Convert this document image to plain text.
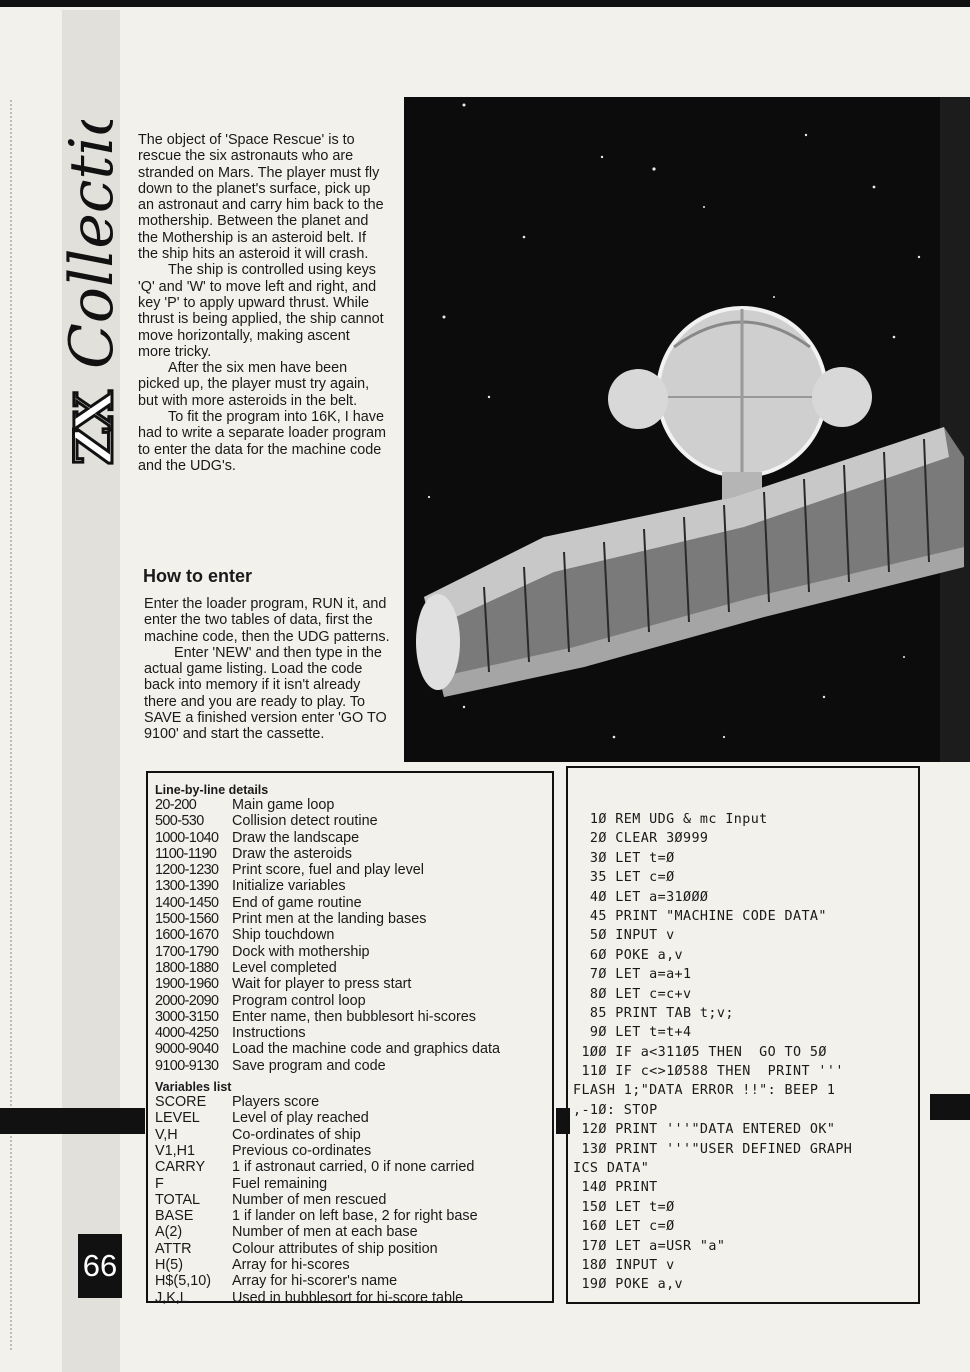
ZX
Collection
66

The object of 'Space Rescue' is to rescue the six astronauts who are stranded on Mars. The player must fly down to the planet's surface, pick up an astronaut and carry him back to the mothership. Between the planet and the Mothership is an asteroid belt. If the ship hits an asteroid it will crash.

The ship is controlled using keys 'Q' and 'W' to move left and right, and key 'P' to apply upward thrust. While thrust is being applied, the ship cannot move horizontally, making ascent more tricky.

After the six men have been picked up, the player must try again, but with more asteroids in the belt.

To fit the program into 16K, I have had to write a separate loader program to enter the data for the machine code and the UDG's.

How to enter

Enter the loader program, RUN it, and enter the two tables of data, first the machine code, then the UDG patterns.

Enter 'NEW' and then type in the actual game listing. Load the code back into memory if it isn't already there and you are ready to play. To SAVE a finished version enter 'GO TO 9100' and start the cassette.

Line-by-line details
20-200	Main game loop
500-530	Collision detect routine
1000-1040 Draw the landscape
1100-1190	Draw the asteroids
1200-1230 Print score, fuel and play level
1300-1390 Initialize variables
1400-1450 End of game routine
1500-1560 Print men at the landing bases
1600-1670 Ship touchdown
1700-1790 Dock with mothership
1800-1880 Level completed
1900-1960 Wait for player to press start
2000-2090 Program control loop
3000-3150 Enter name, then bubblesort hi-scores
4000-4250 Instructions
9000-9040 Load the machine code and graphics data
9100-9130 Save program and code
Variables list
SCORE	Players score
LEVEL	Level of play reached
V,H	Co-ordinates of ship
V1,H1	Previous co-ordinates
CARRY	1 if astronaut carried, 0 if none carried
F	Fuel remaining
TOTAL	Number of men rescued
BASE	1 if lander on left base, 2 for right base
A(2)	Number of men at each base
ATTR	Colour attributes of ship position
H(5)	Array for hi-scores
H$(5,10)	Array for hi-scorer's name
J,K,L	Used in bubblesort for hi-score table
1Ø REM UDG & mc Input
2Ø CLEAR 3Ø999
3Ø LET t=Ø
35 LET c=Ø
4Ø LET a=31ØØØ
45 PRINT "MACHINE CODE DATA"
5Ø INPUT v
6Ø POKE a,v
7Ø LET a=a+1
8Ø LET c=c+v
85 PRINT TAB t;v;
9Ø LET t=t+4
1ØØ IF a<311Ø5 THEN  GO TO 5Ø
11Ø IF c<>1Ø588 THEN  PRINT '''
FLASH 1;"DATA ERROR !!": BEEP 1
,-1Ø: STOP
12Ø PRINT '''"DATA ENTERED OK"
13Ø PRINT '''"USER DEFINED GRAPH
ICS DATA"
14Ø PRINT
15Ø LET t=Ø
16Ø LET c=Ø
17Ø LET a=USR "a"
18Ø INPUT v
19Ø POKE a,v
